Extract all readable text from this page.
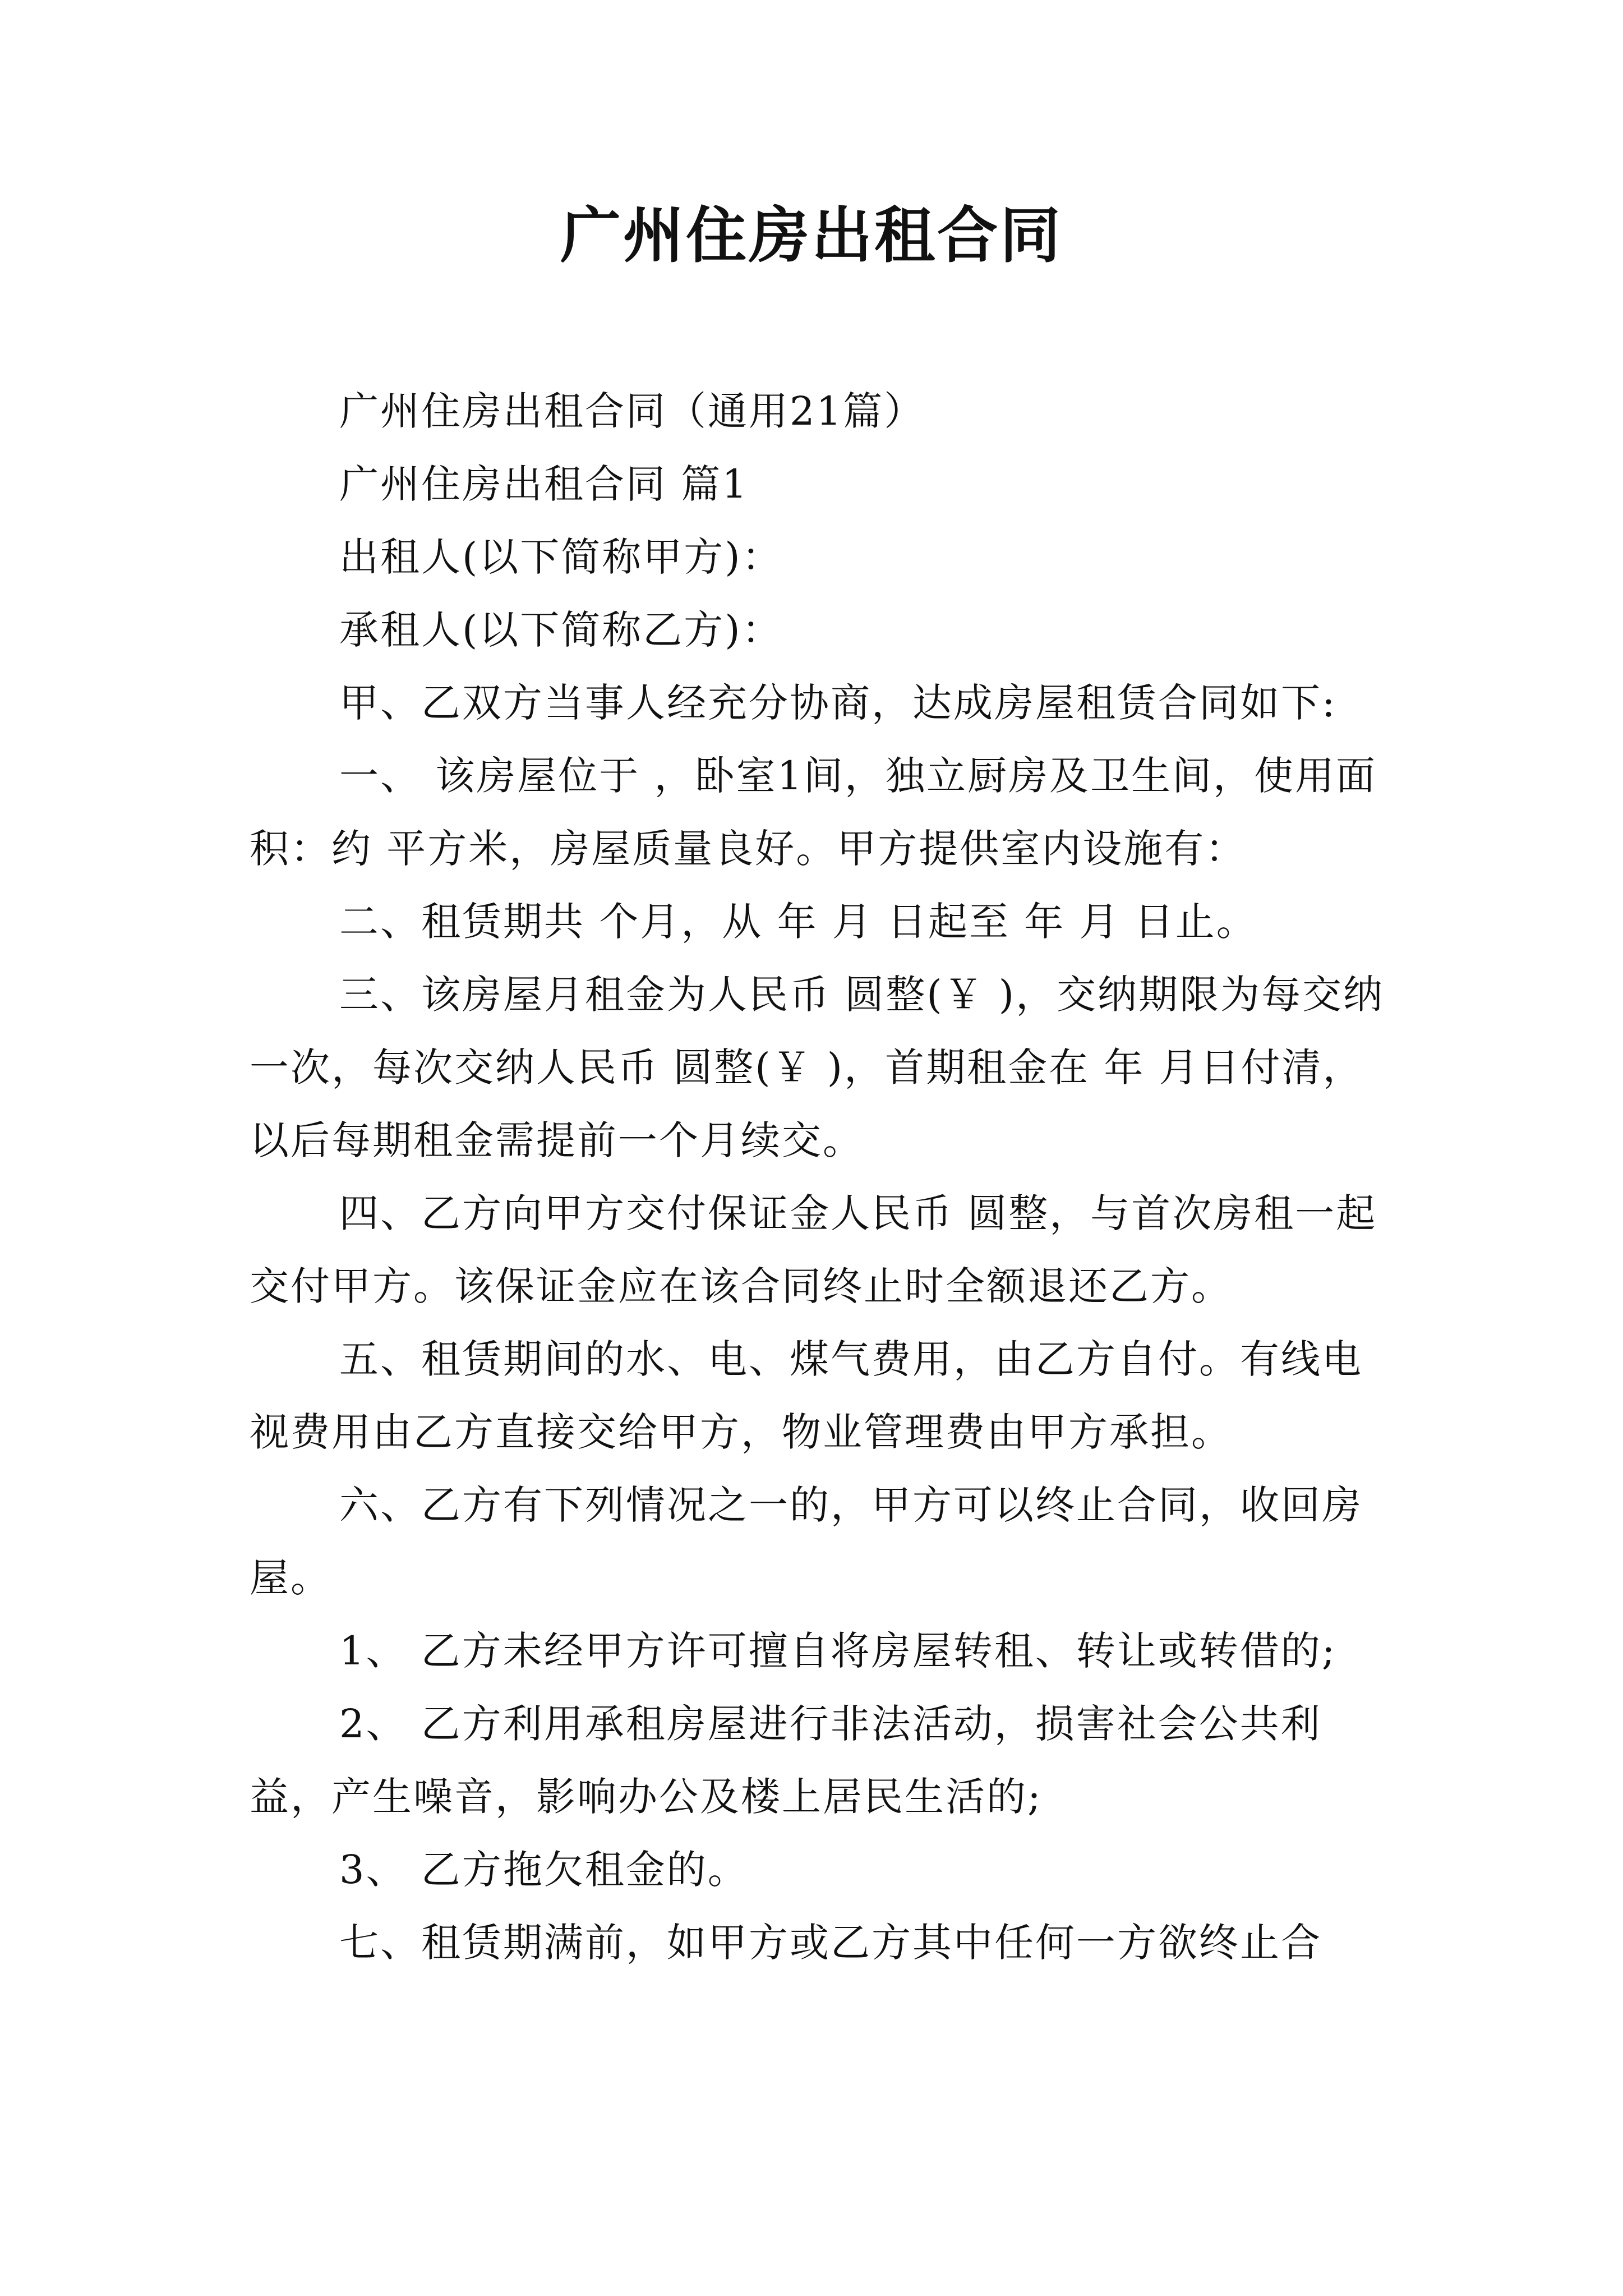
广州住房出租合同

广州住房出租合同（通用21篇）

广州住房出租合同 篇1

出租人(以下简称甲方)：

承租人(以下简称乙方)：

甲、乙双方当事人经充分协商，达成房屋租赁合同如下:

一、 该房屋位于 ，卧室1间，独立厨房及卫生间，使用面积：约 平方米，房屋质量良好。甲方提供室内设施有：

二、租赁期共 个月，从 年 月 日起至 年 月 日止。

三、该房屋月租金为人民币 圆整(￥ )，交纳期限为每交纳一次，每次交纳人民币 圆整(￥ )，首期租金在 年 月日付清，以后每期租金需提前一个月续交。

四、乙方向甲方交付保证金人民币 圆整，与首次房租一起交付甲方。该保证金应在该合同终止时全额退还乙方。

五、租赁期间的水、电、煤气费用，由乙方自付。有线电视费用由乙方直接交给甲方，物业管理费由甲方承担。

六、乙方有下列情况之一的，甲方可以终止合同，收回房屋。

1、 乙方未经甲方许可擅自将房屋转租、转让或转借的;

2、 乙方利用承租房屋进行非法活动，损害社会公共利益，产生噪音，影响办公及楼上居民生活的;

3、 乙方拖欠租金的。

七、租赁期满前，如甲方或乙方其中任何一方欲终止合
